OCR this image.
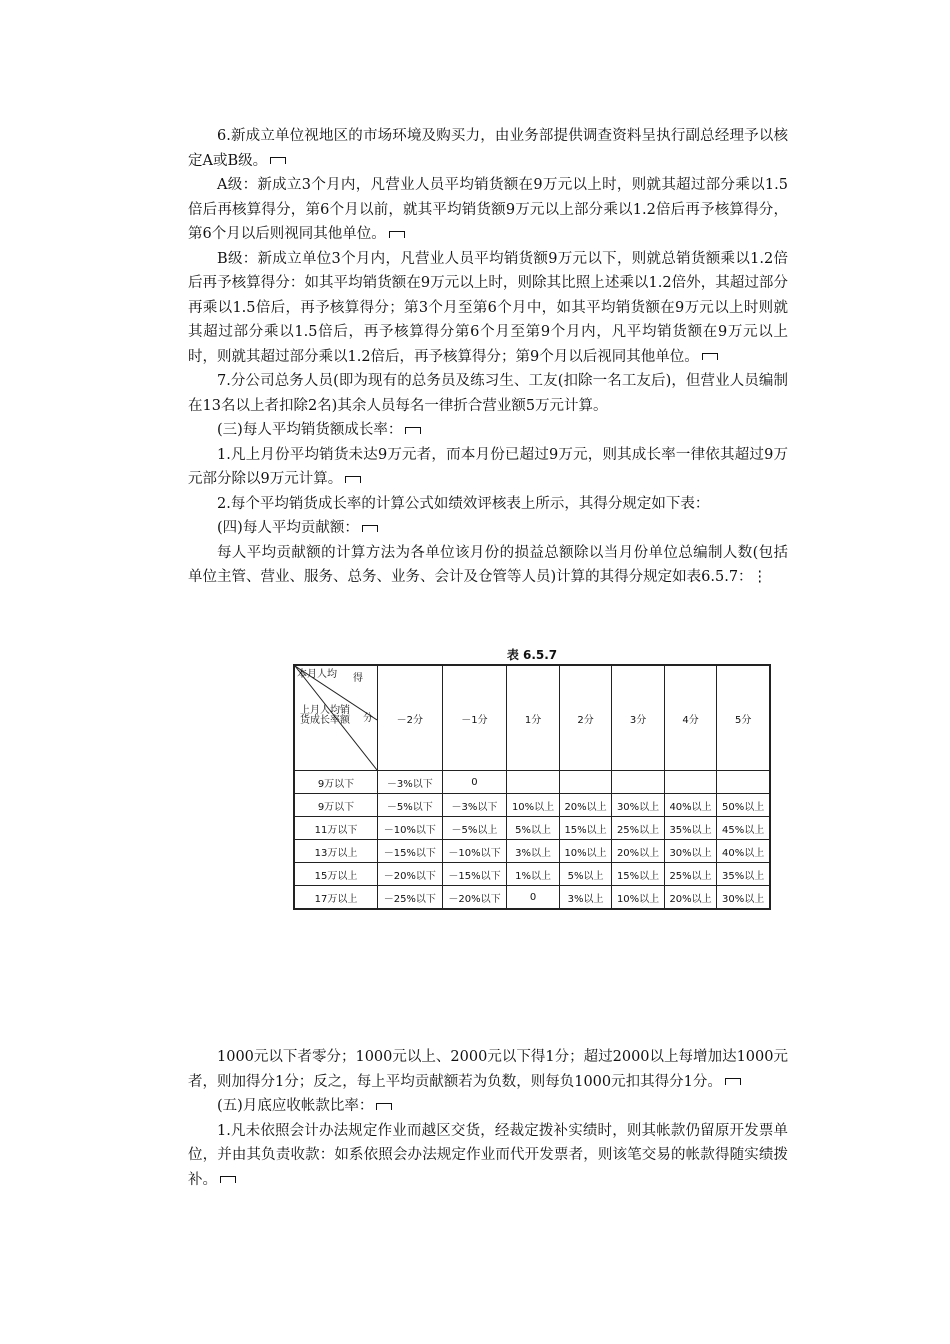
6.新成立单位视地区的市场环境及购买力，由业务部提供调查资料呈执行副总经理予以核定A或B级。

A级：新成立3个月内，凡营业人员平均销货额在9万元以上时，则就其超过部分乘以1.5倍后再核算得分，第6个月以前，就其平均销货额9万元以上部分乘以1.2倍后再予核算得分，第6个月以后则视同其他单位。

B级：新成立单位3个月内，凡营业人员平均销货额9万元以下，则就总销货额乘以1.2倍后再予核算得分：如其平均销货额在9万元以上时，则除其比照上述乘以1.2倍外，其超过部分再乘以1.5倍后，再予核算得分；第3个月至第6个月中，如其平均销货额在9万元以上时则就其超过部分乘以1.5倍后，再予核算得分第6个月至第9个月内，凡平均销货额在9万元以上时，则就其超过部分乘以1.2倍后，再予核算得分；第9个月以后视同其他单位。

7.分公司总务人员(即为现有的总务员及练习生、工友(扣除一名工友后)，但营业人员编制在13名以上者扣除2名)其余人员每名一律折合营业额5万元计算。

(三)每人平均销货额成长率：

1.凡上月份平均销货未达9万元者，而本月份已超过9万元，则其成长率一律依其超过9万元部分除以9万元计算。

2.每个平均销货成长率的计算公式如绩效评核表上所示，其得分规定如下表：

(四)每人平均贡献额：

每人平均贡献额的计算方法为各单位该月份的损益总额除以当月份单位总编制人数(包括单位主管、营业、服务、总务、业务、会计及仓管等人员)计算的其得分规定如表6.5.7：⋮

表 6.5.7
得
分
本月人均
上月人均销货成长率额	－2分	－1分	1分	2分	3分	4分	5分
9万以下	－3%以下	0					
9万以下	－5%以下	－3%以下	10%以上	20%以上	30%以上	40%以上	50%以上
11万以下	－10%以下	－5%以上	5%以上	15%以上	25%以上	35%以上	45%以上
13万以上	－15%以下	－10%以下	3%以上	10%以上	20%以上	30%以上	40%以上
15万以上	－20%以下	－15%以下	1%以上	5%以上	15%以上	25%以上	35%以上
17万以上	－25%以下	－20%以下	0	3%以上	10%以上	20%以上	30%以上

1000元以下者零分；1000元以上、2000元以下得1分；超过2000以上每增加达1000元者，则加得分1分；反之，每上平均贡献额若为负数，则每负1000元扣其得分1分。

(五)月底应收帐款比率：

1.凡未依照会计办法规定作业而越区交货，经裁定拨补实绩时，则其帐款仍留原开发票单位，并由其负责收款：如系依照会办法规定作业而代开发票者，则该笔交易的帐款得随实绩拨补。
